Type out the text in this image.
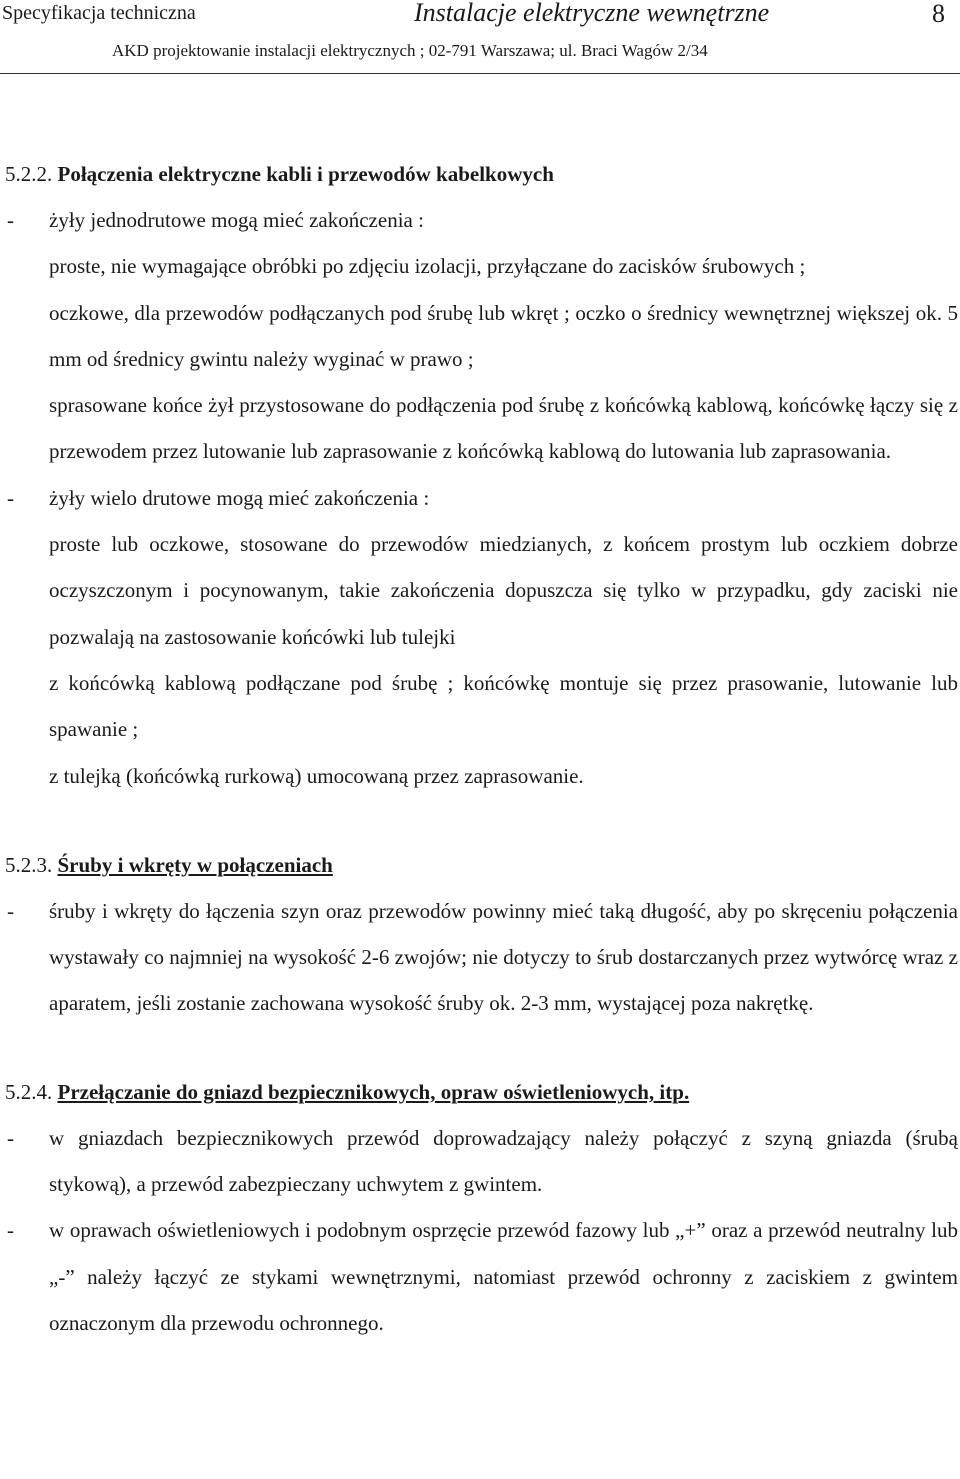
Specyfikacja techniczna	Instalacje elektryczne wewnętrzne	8
AKD projektowanie instalacji elektrycznych ; 02-791 Warszawa; ul. Braci Wagów 2/34
5.2.2. Połączenia elektryczne kabli i przewodów kabelkowych
- żyły jednodrutowe mogą mieć zakończenia :

proste, nie wymagające obróbki po zdjęciu izolacji, przyłączane do zacisków śrubowych ;

oczkowe, dla przewodów podłączanych pod śrubę lub wkręt ; oczko o średnicy wewnętrznej większej ok. 5 mm od średnicy gwintu należy wyginać w prawo ;

sprasowane końce żył przystosowane do podłączenia pod śrubę z końcówką kablową, końcówkę łączy się z przewodem przez lutowanie lub zaprasowanie z końcówką kablową do lutowania lub zaprasowania.

- żyły wielo drutowe mogą mieć zakończenia :

proste lub oczkowe, stosowane do przewodów miedzianych, z końcem prostym lub oczkiem dobrze oczyszczonym i pocynowanym, takie zakończenia dopuszcza się tylko w przypadku, gdy zaciski nie pozwalają na zastosowanie końcówki lub tulejki

z końcówką kablową podłączane pod śrubę ; końcówkę montuje się przez prasowanie, lutowanie lub spawanie ;

z tulejką (końcówką rurkową) umocowaną przez zaprasowanie.

5.2.3. Śruby i wkręty w połączeniach
- śruby i wkręty do łączenia szyn oraz przewodów powinny mieć taką długość, aby po skręceniu połączenia wystawały co najmniej na wysokość 2-6 zwojów; nie dotyczy to śrub dostarczanych przez wytwórcę wraz z aparatem, jeśli zostanie zachowana wysokość śruby ok. 2-3 mm, wystającej poza nakrętkę.

5.2.4. Przełączanie do gniazd bezpiecznikowych, opraw oświetleniowych, itp.
- w gniazdach bezpiecznikowych przewód doprowadzający należy połączyć z szyną gniazda (śrubą stykową), a przewód zabezpieczany uchwytem z gwintem.

- w oprawach oświetleniowych i podobnym osprzęcie przewód fazowy lub „+” oraz a przewód neutralny lub „-” należy łączyć ze stykami wewnętrznymi, natomiast przewód ochronny z zaciskiem z gwintem oznaczonym dla przewodu ochronnego.
